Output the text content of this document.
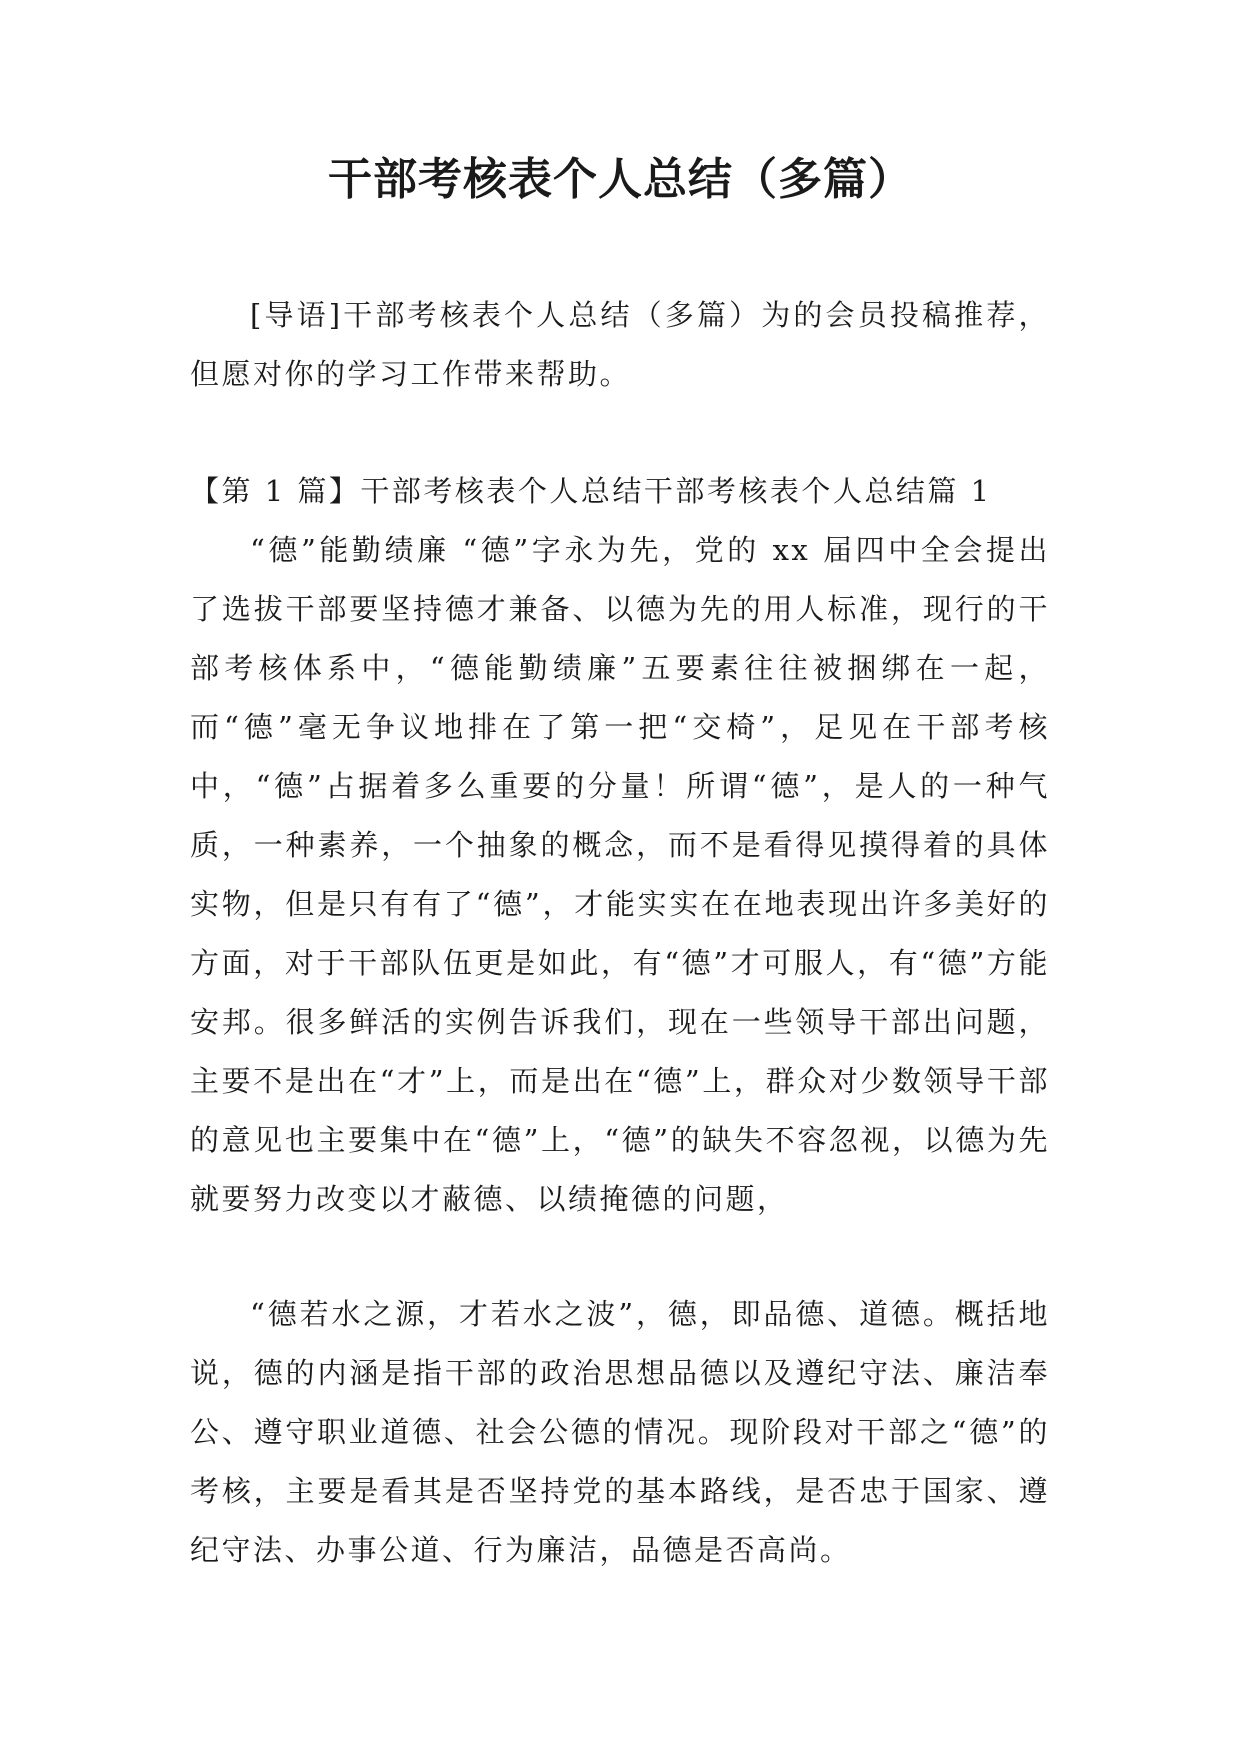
干部考核表个人总结（多篇）

[导语]干部考核表个人总结（多篇）为的会员投稿推荐，但愿对你的学习工作带来帮助。

【第 1 篇】干部考核表个人总结干部考核表个人总结篇 1

“德”能勤绩廉 “德”字永为先，党的 xx 届四中全会提出了选拔干部要坚持德才兼备、以德为先的用人标准，现行的干部考核体系中，“德能勤绩廉”五要素往往被捆绑在一起，而“德”毫无争议地排在了第一把“交椅”，足见在干部考核中，“德”占据着多么重要的分量！所谓“德”，是人的一种气质，一种素养，一个抽象的概念，而不是看得见摸得着的具体实物，但是只有有了“德”，才能实实在在地表现出许多美好的方面，对于干部队伍更是如此，有“德”才可服人，有“德”方能安邦。很多鲜活的实例告诉我们，现在一些领导干部出问题，主要不是出在“才”上，而是出在“德”上，群众对少数领导干部的意见也主要集中在“德”上，“德”的缺失不容忽视，以德为先就要努力改变以才蔽德、以绩掩德的问题，

“德若水之源，才若水之波”，德，即品德、道德。概括地说，德的内涵是指干部的政治思想品德以及遵纪守法、廉洁奉公、遵守职业道德、社会公德的情况。现阶段对干部之“德”的考核，主要是看其是否坚持党的基本路线，是否忠于国家、遵纪守法、办事公道、行为廉洁，品德是否高尚。
